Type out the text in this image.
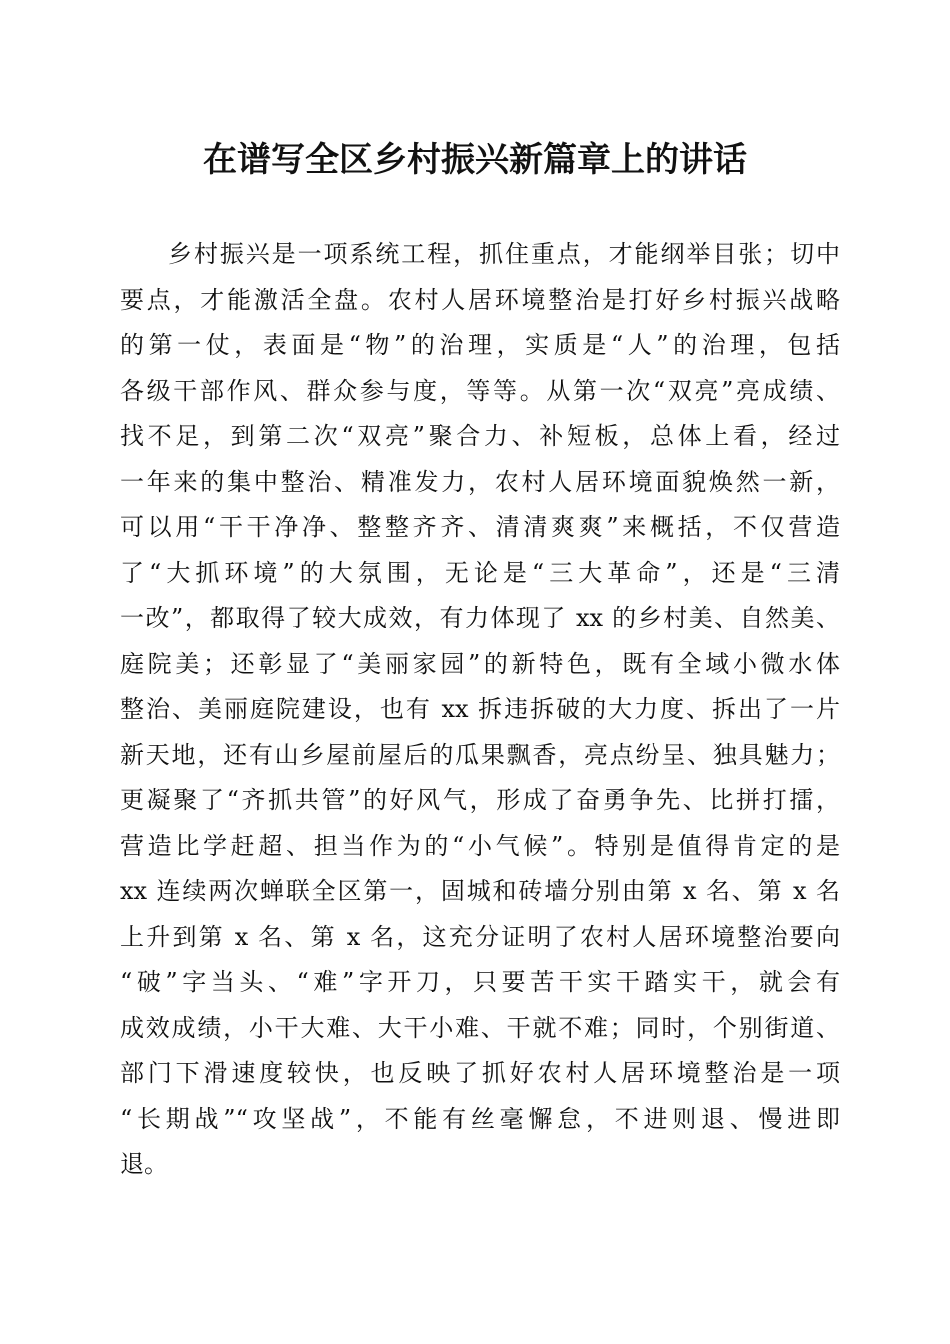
在谱写全区乡村振兴新篇章上的讲话
乡村振兴是一项系统工程，抓住重点，才能纲举目张；切中
要点，才能激活全盘。农村人居环境整治是打好乡村振兴战略
的第一仗，表面是“物”的治理，实质是“人”的治理，包括
各级干部作风、群众参与度，等等。从第一次“双亮”亮成绩、
找不足，到第二次“双亮”聚合力、补短板，总体上看，经过
一年来的集中整治、精准发力，农村人居环境面貌焕然一新，
可以用“干干净净、整整齐齐、清清爽爽”来概括，不仅营造
了“大抓环境”的大氛围，无论是“三大革命”，还是“三清
一改”，都取得了较大成效，有力体现了 xx 的乡村美、自然美、
庭院美；还彰显了“美丽家园”的新特色，既有全域小微水体
整治、美丽庭院建设，也有 xx 拆违拆破的大力度、拆出了一片
新天地，还有山乡屋前屋后的瓜果飘香，亮点纷呈、独具魅力；
更凝聚了“齐抓共管”的好风气，形成了奋勇争先、比拼打擂，
营造比学赶超、担当作为的“小气候”。特别是值得肯定的是
xx 连续两次蝉联全区第一，固城和砖墙分别由第 x 名、第 x 名
上升到第 x 名、第 x 名，这充分证明了农村人居环境整治要向
“破”字当头、“难”字开刀，只要苦干实干踏实干，就会有
成效成绩，小干大难、大干小难、干就不难；同时，个别街道、
部门下滑速度较快，也反映了抓好农村人居环境整治是一项
“长期战”“攻坚战”，不能有丝毫懈怠，不进则退、慢进即
退。
